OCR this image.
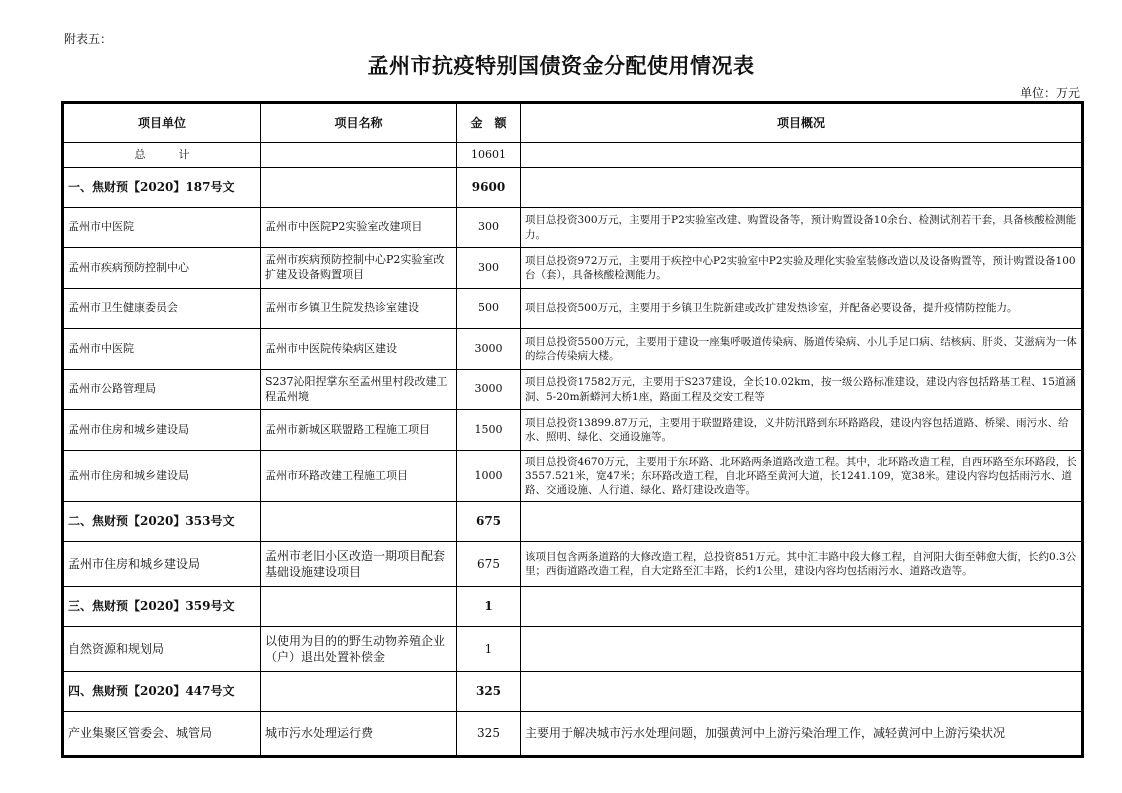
附表五：
孟州市抗疫特别国债资金分配使用情况表
单位：万元
项目单位	项目名称	金　额	项目概况
总　　　计		10601	
一、焦财预【2020】187号文		9600	
孟州市中医院	孟州市中医院P2实验室改建项目	300	项目总投资300万元，主要用于P2实验室改建、购置设备等，预计购置设备10余台、检测试剂若干套，具备核酸检测能力。
孟州市疾病预防控制中心	孟州市疾病预防控制中心P2实验室改扩建及设备购置项目	300	项目总投资972万元，主要用于疾控中心P2实验室中P2实验及理化实验室装修改造以及设备购置等，预计购置设备100台（套），具备核酸检测能力。
孟州市卫生健康委员会	孟州市乡镇卫生院发热诊室建设	500	项目总投资500万元，主要用于乡镇卫生院新建或改扩建发热诊室，并配备必要设备，提升疫情防控能力。
孟州市中医院	孟州市中医院传染病区建设	3000	项目总投资5500万元，主要用于建设一座集呼吸道传染病、肠道传染病、小儿手足口病、结核病、肝炎、艾滋病为一体的综合传染病大楼。
孟州市公路管理局	S237沁阳捏掌东至孟州里村段改建工程孟州境	3000	项目总投资17582万元，主要用于S237建设，全长10.02km，按一级公路标准建设，建设内容包括路基工程、15道涵洞、5-20m新蟒河大桥1座，路面工程及交安工程等
孟州市住房和城乡建设局	孟州市新城区联盟路工程施工项目	1500	项目总投资13899.87万元，主要用于联盟路建设，义井防汛路到东环路路段，建设内容包括道路、桥梁、雨污水、给水、照明、绿化、交通设施等。
孟州市住房和城乡建设局	孟州市环路改建工程施工项目	1000	项目总投资4670万元，主要用于东环路、北环路两条道路改造工程。其中，北环路改造工程，自西环路至东环路段，长3557.521米，宽47米；东环路改造工程，自北环路至黄河大道，长1241.109，宽38米。建设内容均包括雨污水、道路、交通设施、人行道、绿化、路灯建设改造等。
二、焦财预【2020】353号文		675	
孟州市住房和城乡建设局	孟州市老旧小区改造一期项目配套基础设施建设项目	675	该项目包含两条道路的大修改造工程，总投资851万元。其中汇丰路中段大修工程，自河阳大街至韩愈大街，长约0.3公里；西街道路改造工程，自大定路至汇丰路，长约1公里，建设内容均包括雨污水、道路改造等。
三、焦财预【2020】359号文		1	
自然资源和规划局	以使用为目的的野生动物养殖企业（户）退出处置补偿金	1	
四、焦财预【2020】447号文		325	
产业集聚区管委会、城管局	城市污水处理运行费	325	主要用于解决城市污水处理问题，加强黄河中上游污染治理工作，减轻黄河中上游污染状况
